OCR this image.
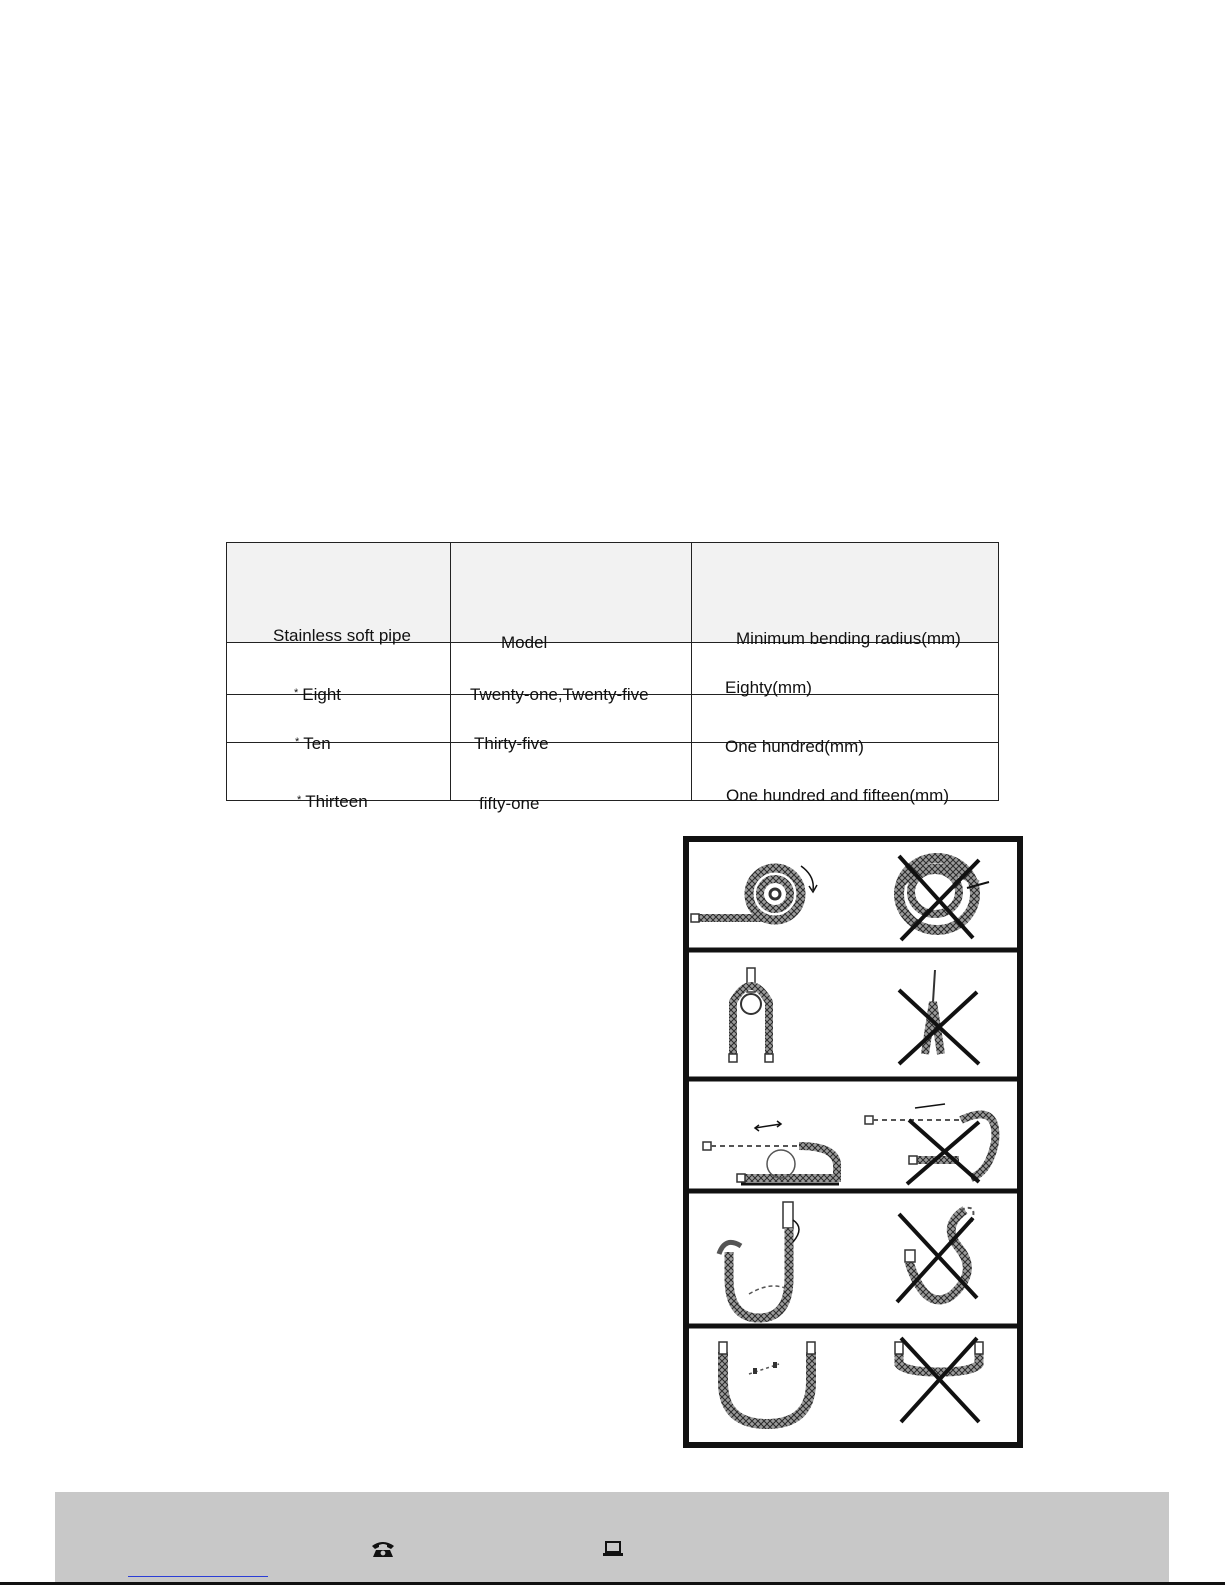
Stainless soft pipe	Model	Minimum bending radius(mm)

* Eight	Twenty-one,Twenty-five	Eighty(mm)

* Ten	Thirty-five	One hundred(mm)

* Thirteen	fifty-one	One hundred and fifteen(mm)
